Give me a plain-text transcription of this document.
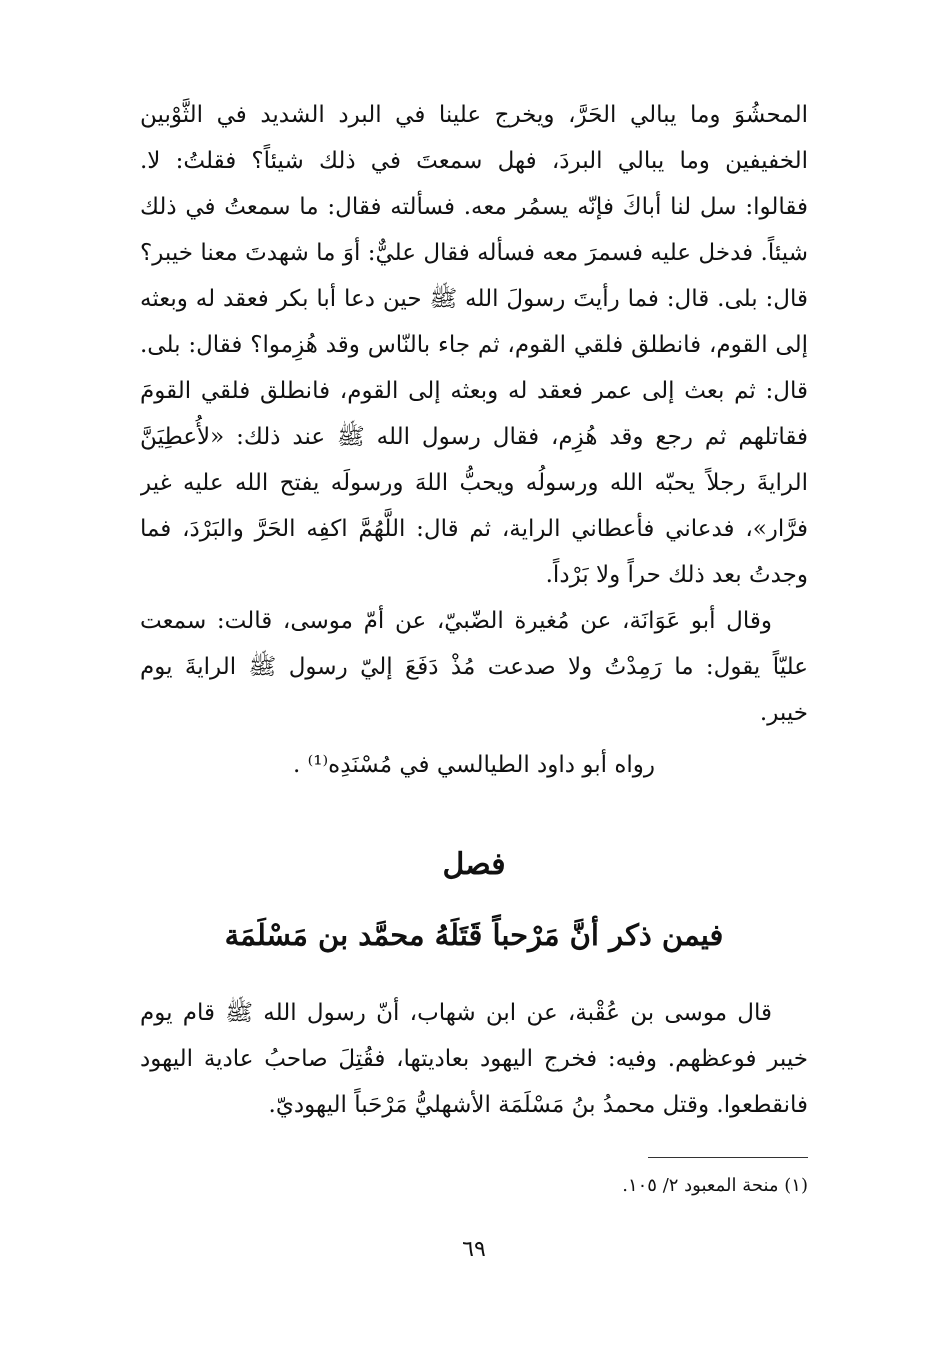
المحشُوَ وما يبالي الحَرَّ، ويخرج علينا في البرد الشديد في الثَّوْبين
الخفيفين وما يبالي البردَ، فهل سمعتَ في ذلك شيئاً؟ فقلتُ: لا.
فقالوا: سل لنا أباكَ فإنّه يسمُر معه. فسألته فقال: ما سمعتُ في ذلك
شيئاً. فدخل عليه فسمرَ معه فسأله فقال عليٌّ: أوَ ما شهدتَ معنا خيبر؟
قال: بلى. قال: فما رأيتَ رسولَ الله ﷺ حين دعا أبا بكر فعقد له وبعثه
إلى القوم، فانطلق فلقي القوم، ثم جاء بالنّاس وقد هُزِموا؟ فقال: بلى.
قال: ثم بعث إلى عمر فعقد له وبعثه إلى القوم، فانطلق فلقي القومَ
فقاتلهم ثم رجع وقد هُزِم، فقال رسول الله ﷺ عند ذلك: «لأُعطِيَنَّ
الرايةَ رجلاً يحبّه الله ورسولُه ويحبُّ اللهَ ورسولَه يفتح الله عليه غير
فرَّار»، فدعاني فأعطاني الراية، ثم قال: اللَّهُمَّ اكفِه الحَرَّ والبَرْدَ، فما
وجدتُ بعد ذلك حراً ولا بَرْداً.
وقال أبو عَوَانَة، عن مُغيرة الضّبيّ، عن أمّ موسى، قالت: سمعت
عليّاً يقول: ما رَمِدْتُ ولا صدعت مُذْ دَفَعَ إليّ رسول ﷺ الرايةَ يوم
خيبر.
رواه أبو داود الطيالسي في مُسْنَدِه⁽¹⁾ .
فصل
فيمن ذكر أنَّ مَرْحباً قَتَلَهُ محمَّد بن مَسْلَمَة
قال موسى بن عُقْبة، عن ابن شهاب، أنّ رسول الله ﷺ قام يوم
خيبر فوعظهم. وفيه: فخرج اليهود بعاديتها، فقُتِلَ صاحبُ عادية اليهود
فانقطعوا. وقتل محمدُ بنُ مَسْلَمَة الأشهليُّ مَرْحَباً اليهوديّ.
(١) منحة المعبود ٢/ ١٠٥.
٦٩
